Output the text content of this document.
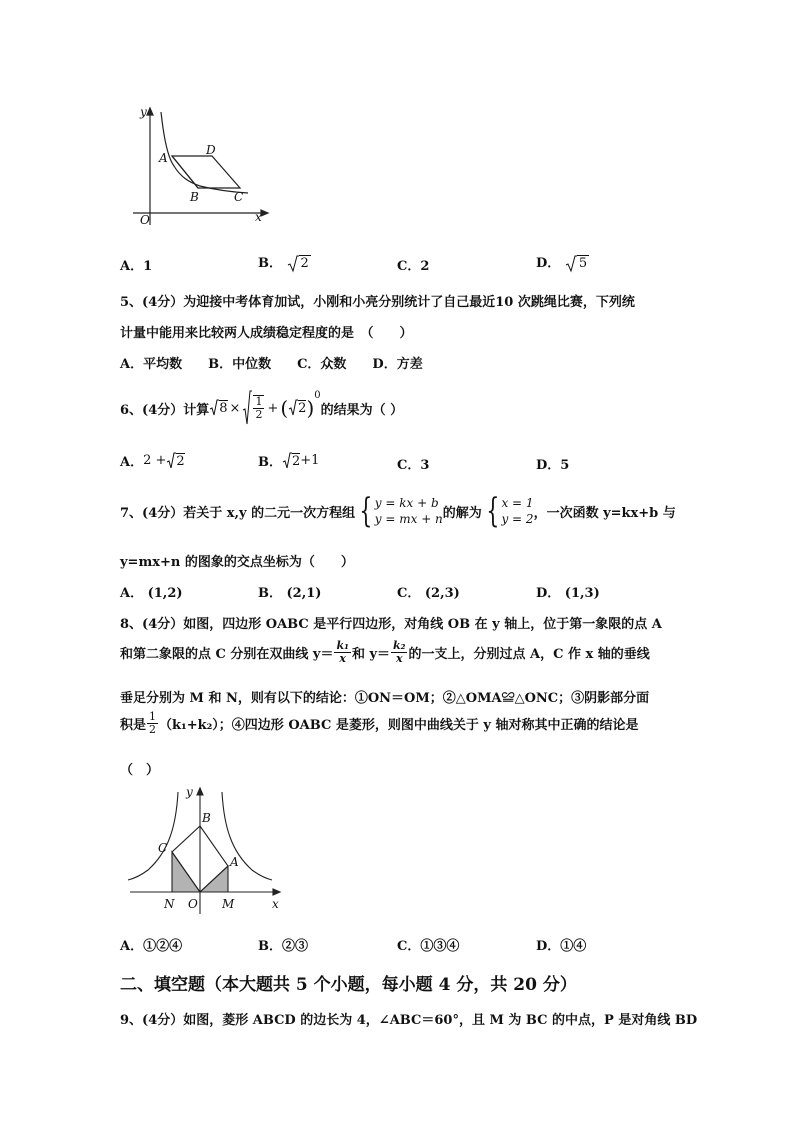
y
x
O
A
D
B	C
A．1	B． 2	C．2	D． 5
5、(4分）为迎接中考体育加试，小刚和小亮分别统计了自己最近10 次跳绳比赛，下列统
计量中能用来比较两人成绩稳定程度的是　（　　）
A．平均数　　B．中位数　　C．众数　　D．方差
6、(4分）计算 $8 \times \frac{1}{2}$ + ( 2 )
$^0$
的结果为（ ）
A． 2 + 2	B． 2 +1	C．3	D．5
7、(4分）若关于 x,y 的二元一次方程组 { y = kx + b
y = mx + n 的解为 { x = 1
y = 2 ，一次函数 y=kx+b 与
y=mx+n 的图象的交点坐标为（　　）
A． (1,2)	B． (2,1)	C． (2,3)	D． (1,3)
8、(4分）如图，四边形 OABC 是平行四边形，对角线 OB 在 y 轴上，位于第一象限的点 A
和第二象限的点 C 分别在双曲线 $y= \frac{\text{k₁}}{x}$ 和 $y= \frac{\text{k₂}}{x}$ 的一支上，分别过点 A，C 作 x 轴的垂线
垂足分别为 M 和 N，则有以下的结论：①ON＝OM；②△OMA≌△ONC；③阴影部分面
积是 $\frac{1}{2} (k_1+k_2)$；④四边形 OABC 是菱形，则图中曲线关于 y 轴对称其中正确的结论是
（　）
y
x
O
B
C
A
N	M
A．①②④	B．②③	C．①③④	D．①④
二、填空题（本大题共 5 个小题，每小题 4 分，共 20 分）
9、(4分）如图，菱形 ABCD 的边长为 4，∠ABC＝60°，且 M 为 BC 的中点，P 是对角线 BD
